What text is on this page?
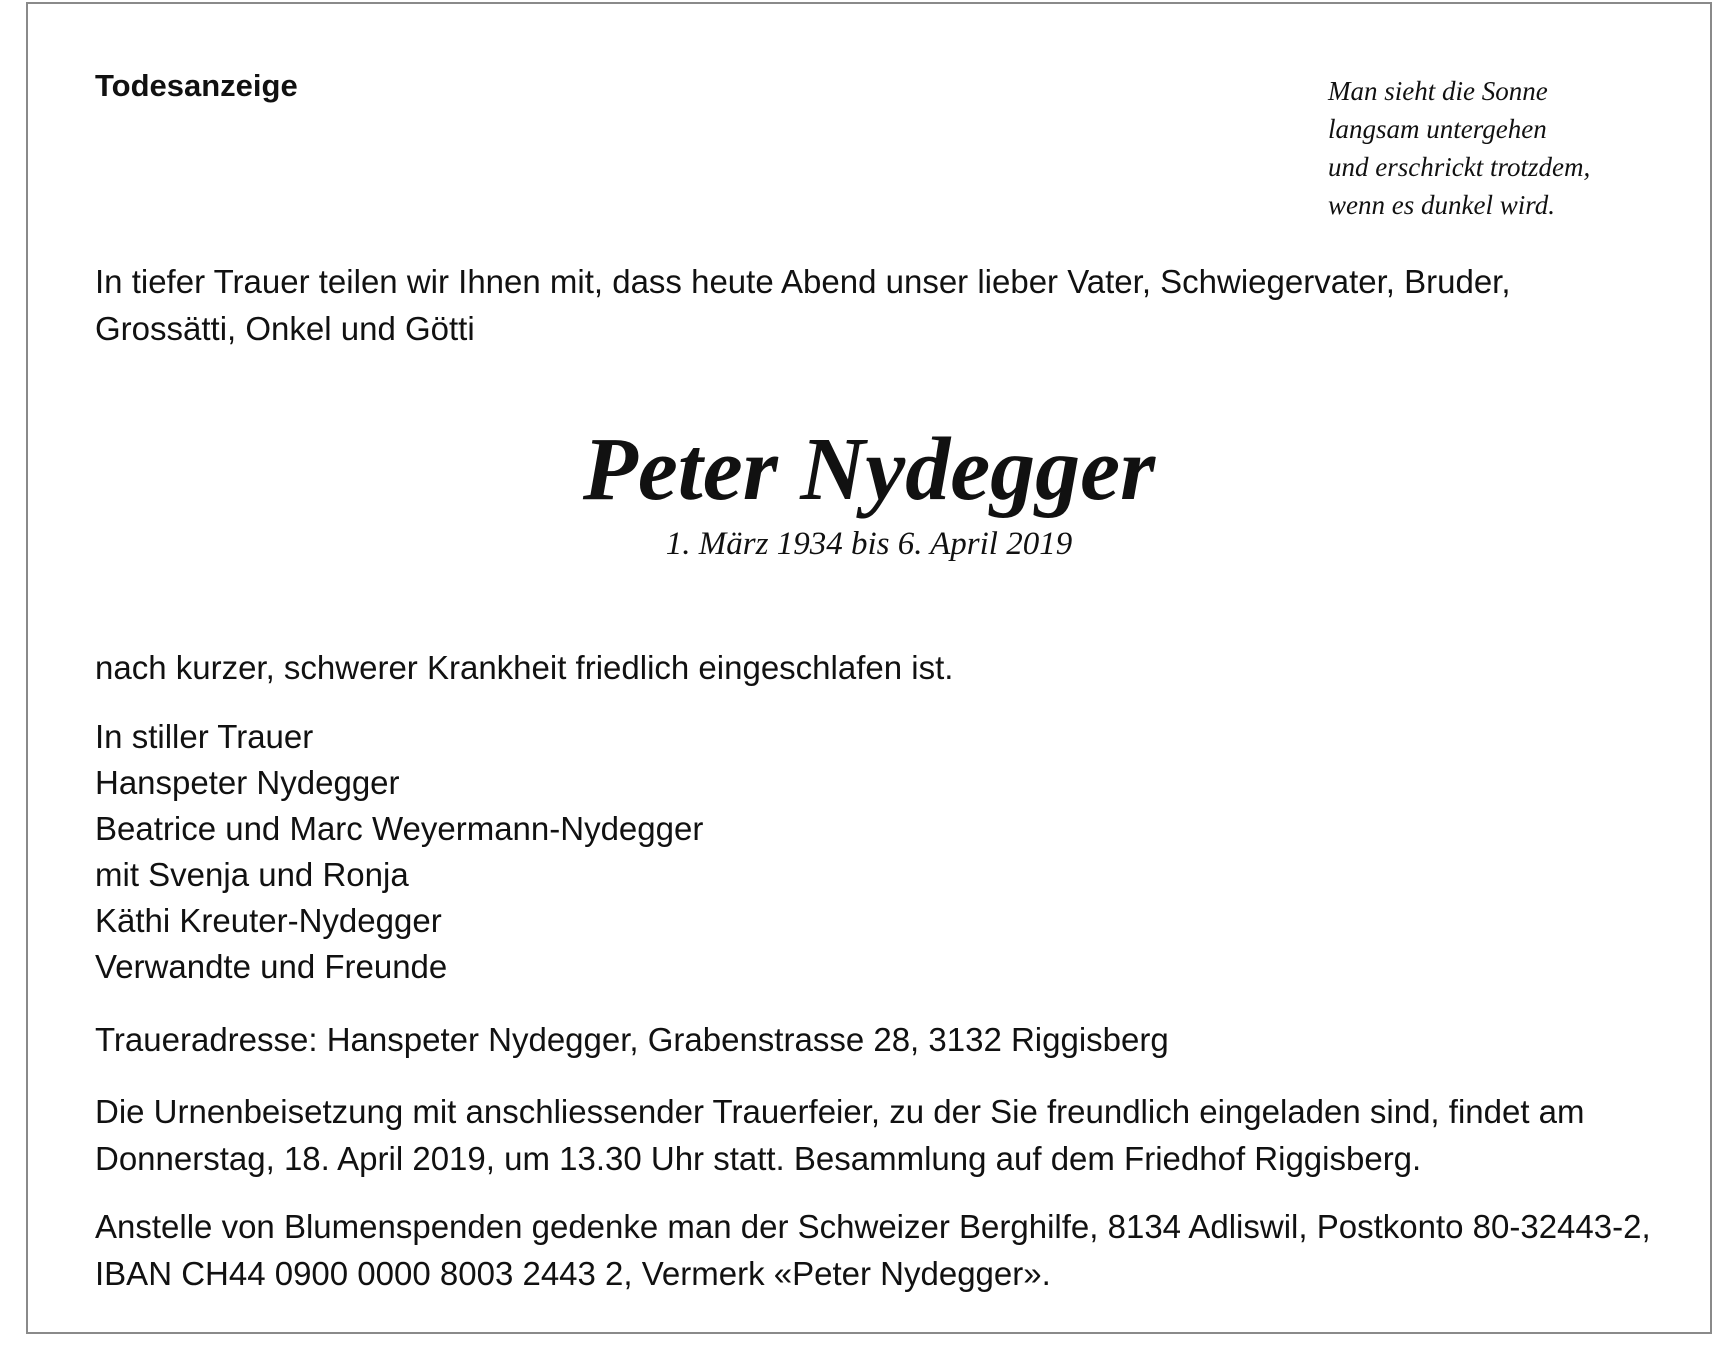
Todesanzeige	Man sieht die Sonne
langsam untergehen
und erschrickt trotzdem,
wenn es dunkel wird.

In tiefer Trauer teilen wir Ihnen mit, dass heute Abend unser lieber Vater, Schwiegervater, Bruder, Grossätti, Onkel und Götti

Peter Nydegger
1. März 1934 bis 6. April 2019

nach kurzer, schwerer Krankheit friedlich eingeschlafen ist.

In stiller Trauer
Hanspeter Nydegger
Beatrice und Marc Weyermann-Nydegger
mit Svenja und Ronja
Käthi Kreuter-Nydegger
Verwandte und Freunde

Traueradresse: Hanspeter Nydegger, Grabenstrasse 28, 3132 Riggisberg

Die Urnenbeisetzung mit anschliessender Trauerfeier, zu der Sie freundlich eingeladen sind, findet am Donnerstag, 18. April 2019, um 13.30 Uhr statt. Besammlung auf dem Friedhof Riggisberg.

Anstelle von Blumenspenden gedenke man der Schweizer Berghilfe, 8134 Adliswil, Postkonto 80-32443-2, IBAN CH44 0900 0000 8003 2443 2, Vermerk «Peter Nydegger».
